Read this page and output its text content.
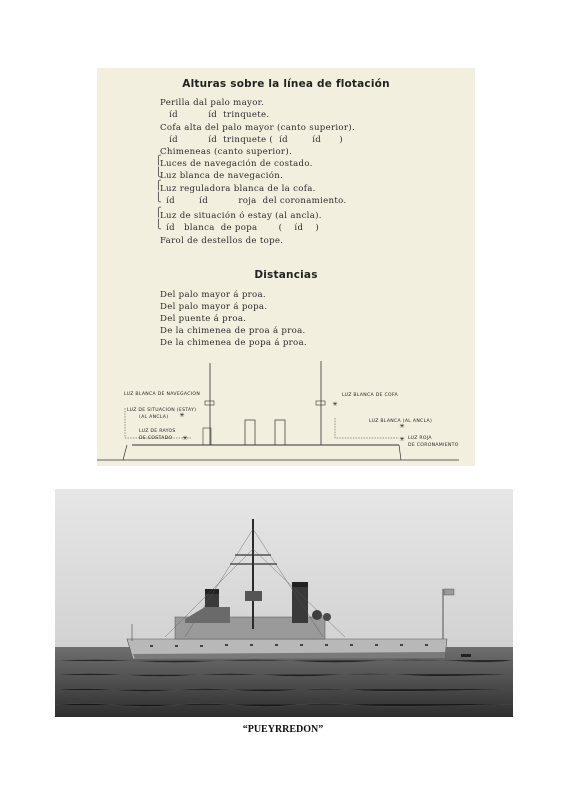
Alturas sobre la línea de flotación
Perilla dal palo mayor.
íd          íd  trinquete.
Cofa alta del palo mayor (canto superior).
íd          íd  trinquete (  íd        íd      )
Chimeneas (canto superior).
⎧
Luces de navegación de costado.
⎩
Luz blanca de navegación.
⎧
Luz reguladora blanca de la cofa.
⎩
íd        íd          roja  del coronamiento.
⎧
Luz de situación ó estay (al ancla).
⎩
íd   blanca  de popa       (    íd    )
Farol de destellos de tope.
Distancias
Del palo mayor á proa.
Del palo mayor á popa.
Del puente á proa.
De la chimenea de proa á proa.
De la chimenea de popa á proa.
✳
✳
✳
✳
✳
LUZ BLANCA DE NAVEGACION
LUZ DE SITUACION (ESTAY)
(AL ANCLA)
LUZ DE RAYOS
DE COSTADO
LUZ BLANCA DE COFA
LUZ BLANCA (AL ANCLA)
LUZ ROJA
DE CORONAMIENTO
“PUEYRREDON”
